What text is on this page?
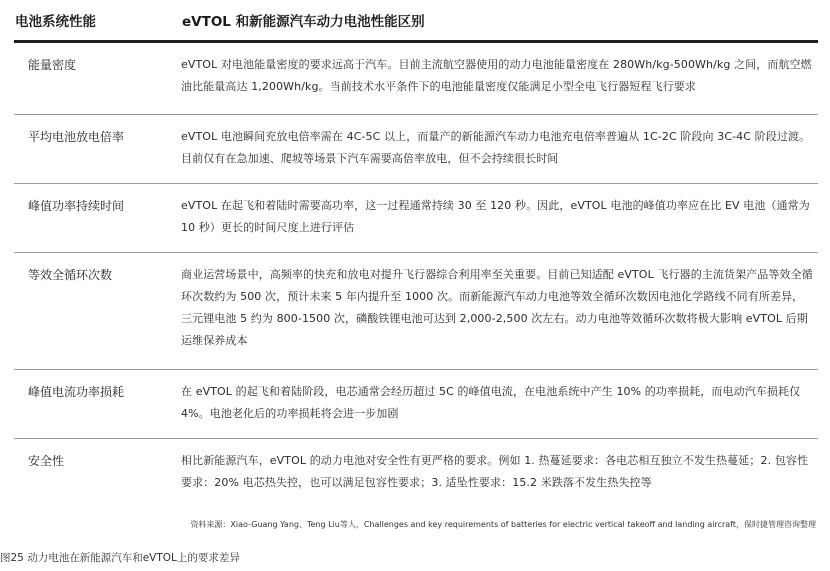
电池系统性能	eVTOL 和新能源汽车动力电池性能区别
能量密度	eVTOL 对电池能量密度的要求远高于汽车。目前主流航空器使用的动力电池能量密度在 280Wh/kg-500Wh/kg 之间，而航空燃油比能量高达 1,200Wh/kg。当前技术水平条件下的电池能量密度仅能满足小型全电飞行器短程飞行要求
平均电池放电倍率	eVTOL 电池瞬间充放电倍率需在 4C-5C 以上，而量产的新能源汽车动力电池充电倍率普遍从 1C-2C 阶段向 3C-4C 阶段过渡。目前仅有在急加速、爬坡等场景下汽车需要高倍率放电，但不会持续很长时间
峰值功率持续时间	eVTOL 在起飞和着陆时需要高功率，这一过程通常持续 30 至 120 秒。因此，eVTOL 电池的峰值功率应在比 EV 电池（通常为 10 秒）更长的时间尺度上进行评估
等效全循环次数	商业运营场景中，高频率的快充和放电对提升飞行器综合利用率至关重要。目前已知适配 eVTOL 飞行器的主流货架产品等效全循环次数约为 500 次，预计未来 5 年内提升至 1000 次。而新能源汽车动力电池等效全循环次数因电池化学路线不同有所差异，三元锂电池 5 约为 800-1500 次，磷酸铁锂电池可达到 2,000-2,500 次左右。动力电池等效循环次数将极大影响 eVTOL 后期运维保养成本
峰值电流功率损耗	在 eVTOL 的起飞和着陆阶段，电芯通常会经历超过 5C 的峰值电流，在电池系统中产生 10% 的功率损耗，而电动汽车损耗仅 4%。电池老化后的功率损耗将会进一步加剧
安全性	相比新能源汽车，eVTOL 的动力电池对安全性有更严格的要求。例如 1. 热蔓延要求：各电芯相互独立不发生热蔓延；2. 包容性要求：20% 电芯热失控，也可以满足包容性要求；3. 适坠性要求：15.2 米跌落不发生热失控等
资料来源：Xiao-Guang Yang、Teng Liu等人，Challenges and key requirements of batteries for electric vertical takeoff and landing aircraft，保时捷管理咨询整理
图25 动力电池在新能源汽车和eVTOL上的要求差异
